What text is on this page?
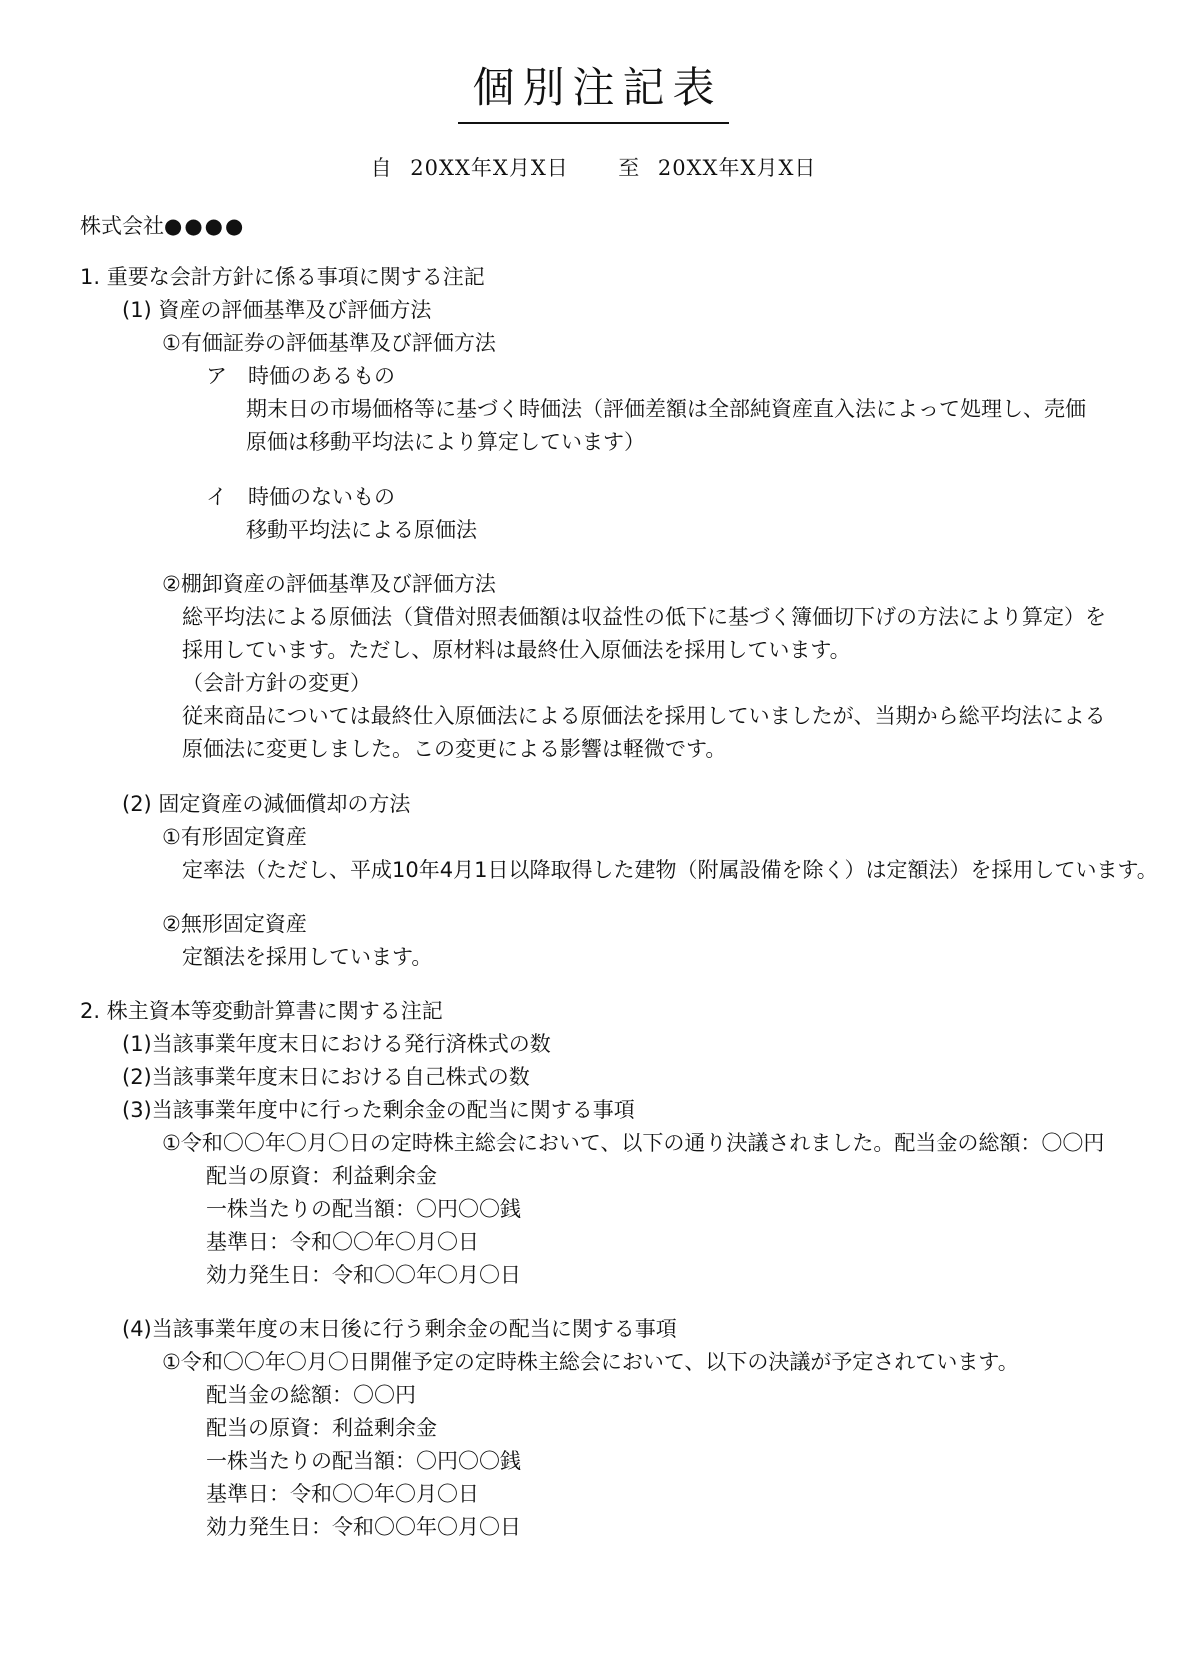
個別注記表
自 20XX年X月X日 至 20XX年X月X日
株式会社●●●●
1. 重要な会計方針に係る事項に関する注記
(1) 資産の評価基準及び評価方法
①有価証券の評価基準及び評価方法
ア　時価のあるもの
期末日の市場価格等に基づく時価法（評価差額は全部純資産直入法によって処理し、売価
原価は移動平均法により算定しています）
イ　時価のないもの
移動平均法による原価法
②棚卸資産の評価基準及び評価方法
総平均法による原価法（貸借対照表価額は収益性の低下に基づく簿価切下げの方法により算定）を
採用しています。ただし、原材料は最終仕入原価法を採用しています。
（会計方針の変更）
従来商品については最終仕入原価法による原価法を採用していましたが、当期から総平均法による
原価法に変更しました。この変更による影響は軽微です。
(2) 固定資産の減価償却の方法
①有形固定資産
定率法（ただし、平成10年4月1日以降取得した建物（附属設備を除く）は定額法）を採用しています。
②無形固定資産
定額法を採用しています。
2. 株主資本等変動計算書に関する注記
(1)当該事業年度末日における発行済株式の数
(2)当該事業年度末日における自己株式の数
(3)当該事業年度中に行った剰余金の配当に関する事項
①令和〇〇年〇月〇日の定時株主総会において、以下の通り決議されました。配当金の総額：〇〇円
配当の原資：利益剰余金
一株当たりの配当額：〇円〇〇銭
基準日：令和〇〇年〇月〇日
効力発生日：令和〇〇年〇月〇日
(4)当該事業年度の末日後に行う剰余金の配当に関する事項
①令和〇〇年〇月〇日開催予定の定時株主総会において、以下の決議が予定されています。
配当金の総額：〇〇円
配当の原資：利益剰余金
一株当たりの配当額：〇円〇〇銭
基準日：令和〇〇年〇月〇日
効力発生日：令和〇〇年〇月〇日
